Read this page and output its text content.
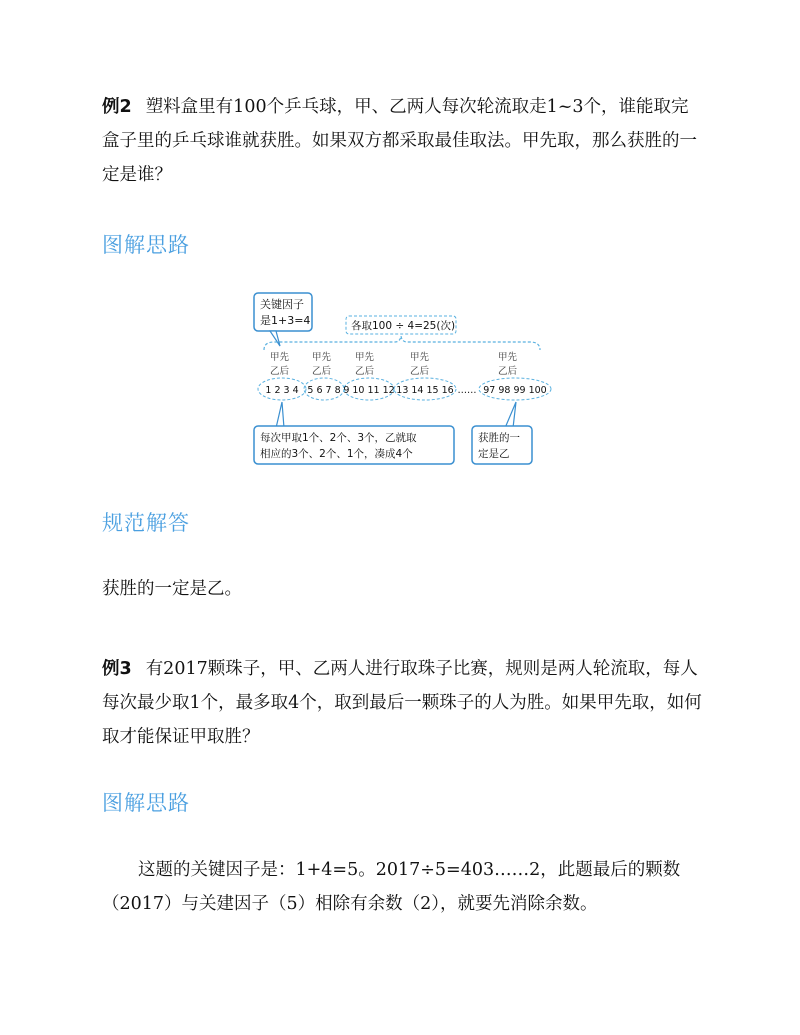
例2 塑料盒里有100个乒乓球，甲、乙两人每次轮流取走1~3个，谁能取完盒子里的乒乓球谁就获胜。如果双方都采取最佳取法。甲先取，那么获胜的一定是谁？
图解思路
关键因子
是1+3=4	各取100 ÷ 4=25(次)
甲先
乙后
甲先
乙后
甲先
乙后
甲先
乙后
甲先
乙后
1 2 3 4 5 6 7 8 9 10 11 12 13 14 15 16 …… 97 98 99 100
每次甲取1个、2个、3个，乙就取
相应的3个、2个、1个，凑成4个
获胜的一
定是乙
规范解答
获胜的一定是乙。
例3 有2017颗珠子，甲、乙两人进行取珠子比赛，规则是两人轮流取，每人每次最少取1个，最多取4个，取到最后一颗珠子的人为胜。如果甲先取，如何取才能保证甲取胜？
图解思路
这题的关键因子是：1+4=5。2017÷5=403……2，此题最后的颗数（2017）与关建因子（5）相除有余数（2），就要先消除余数。
